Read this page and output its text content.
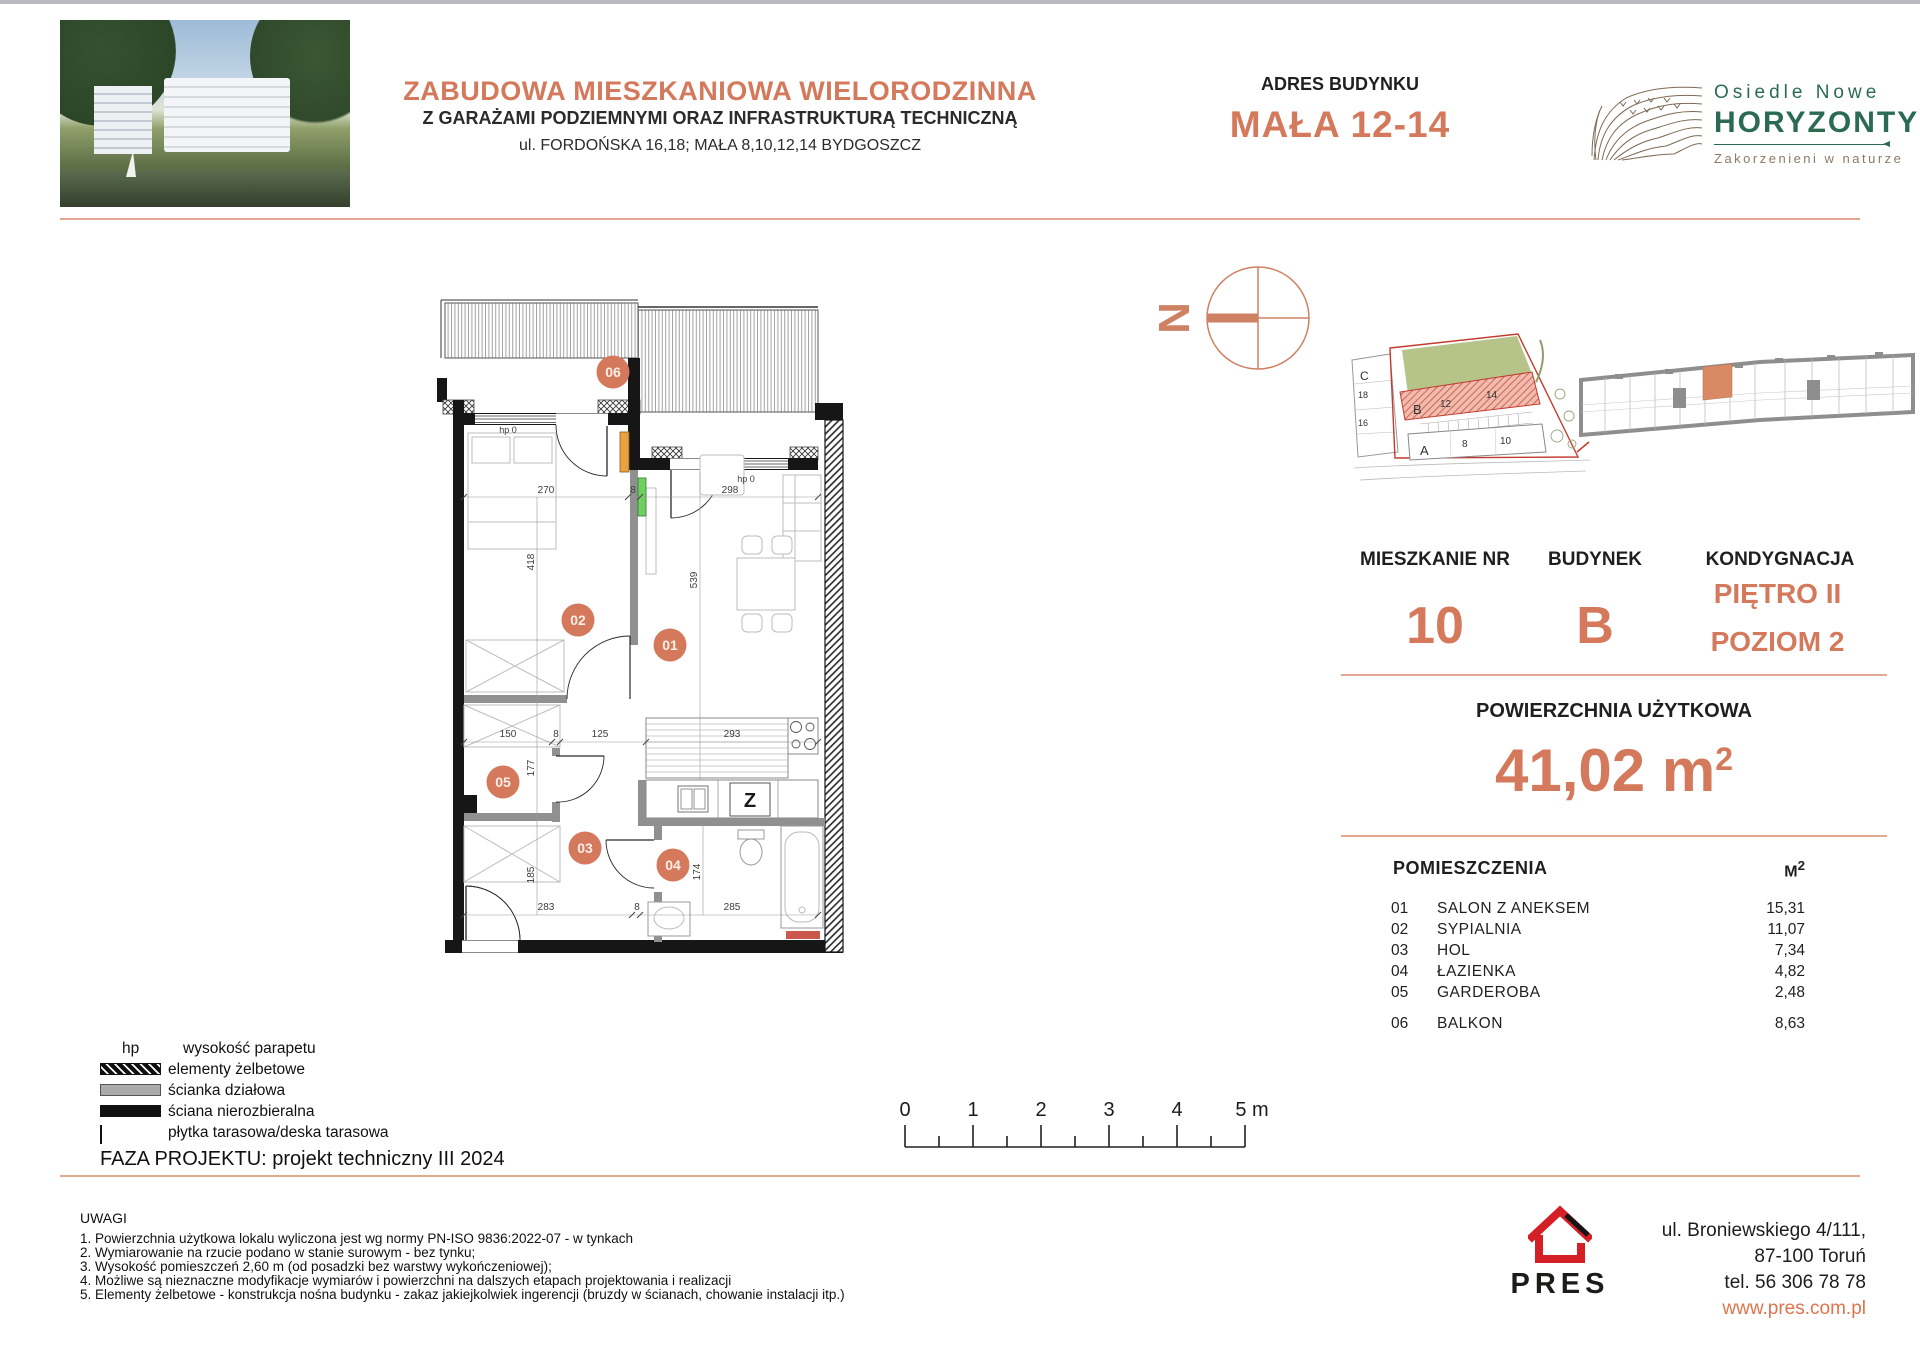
ZABUDOWA MIESZKANIOWA WIELORODZINNA
Z GARAŻAMI PODZIEMNYMI ORAZ INFRASTRUKTURĄ TECHNICZNĄ
ul. FORDOŃSKA 16,18; MAŁA 8,10,12,14 BYDGOSZCZ
ADRES BUDYNKU
MAŁA 12-14
Osiedle Nowe
HORYZONTY
Zakorzenieni w naturze
Z
270	8	298
150	8	125	293
283	8	285
418
539
177
185	174
hp 0
hp 0
06
02
01
05
03
04
N
C
18
16
B 12
14
A	8	10
MIESZKANIE NR	BUDYNEK	KONDYGNACJA
10	B
PIĘTRO II
POZIOM 2
POWIERZCHNIA UŻYTKOWA
41,02 $m^2$
POMIESZCZENIA	$M^2$
01 SALON Z ANEKSEM	15,31
02 SYPIALNIA	11,07
03 HOL	7,34
04 ŁAZIENKA	4,82
05 GARDEROBA	2,48
06 BALKON	8,63
hp	wysokość parapetu
elementy żelbetowe
ścianka działowa
ściana nierozbieralna
płytka tarasowa/deska tarasowa
FAZA PROJEKTU: projekt techniczny III 2024
0	1	2	3	4	5 m
UWAGI
1. Powierzchnia użytkowa lokalu wyliczona jest wg normy PN-ISO 9836:2022-07 - w tynkach
2. Wymiarowanie na rzucie podano w stanie surowym - bez tynku;
3. Wysokość pomieszczeń 2,60 m (od posadzki bez warstwy wykończeniowej);
4. Możliwe są nieznaczne modyfikacje wymiarów i powierzchni na dalszych etapach projektowania i realizacji
5. Elementy żelbetowe - konstrukcja nośna budynku - zakaz jakiejkolwiek ingerencji (bruzdy w ścianach, chowanie instalacji itp.)	PRES
ul. Broniewskiego 4/111,
87-100 Toruń
tel. 56 306 78 78
www.pres.com.pl
